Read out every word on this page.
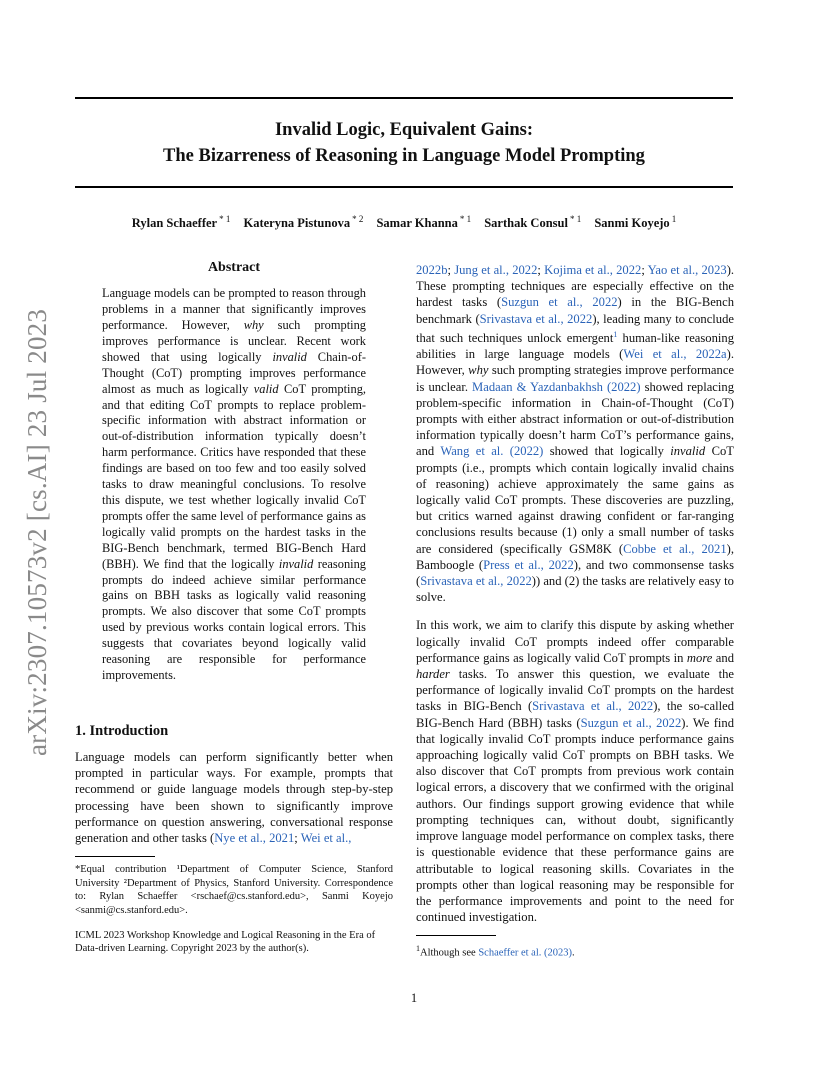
Invalid Logic, Equivalent Gains:
The Bizarreness of Reasoning in Language Model Prompting
Rylan Schaeffer $^{* 1}$ Kateryna Pistunova $^{* 2}$ Samar Khanna $^{* 1}$ Sarthak Consul $^{* 1}$ Sanmi Koyejo $^1$
arXiv:2307.10573v2 [cs.AI] 23 Jul 2023
Abstract

Language models can be prompted to reason through problems in a manner that significantly improves performance. However, why such prompting improves performance is unclear. Recent work showed that using logically invalid Chain-of-Thought (CoT) prompting improves performance almost as much as logically valid CoT prompting, and that editing CoT prompts to replace problem-specific information with abstract information or out-of-distribution information typically doesn’t harm performance. Critics have responded that these findings are based on too few and too easily solved tasks to draw meaningful conclusions. To resolve this dispute, we test whether logically invalid CoT prompts offer the same level of performance gains as logically valid prompts on the hardest tasks in the BIG-Bench benchmark, termed BIG-Bench Hard (BBH). We find that the logically invalid reasoning prompts do indeed achieve similar performance gains on BBH tasks as logically valid reasoning prompts. We also discover that some CoT prompts used by previous works contain logical errors. This suggests that covariates beyond logically valid reasoning are responsible for performance improvements.

1. Introduction

Language models can perform significantly better when prompted in particular ways. For example, prompts that recommend or guide language models through step-by-step processing have been shown to significantly improve performance on question answering, conversational response generation and other tasks (Nye et al., 2021; Wei et al.,

*Equal contribution ¹Department of Computer Science, Stanford University ²Department of Physics, Stanford University. Correspondence to: Rylan Schaeffer <rschaef@cs.stanford.edu>, Sanmi Koyejo <sanmi@cs.stanford.edu>.
ICML 2023 Workshop Knowledge and Logical Reasoning in the Era of Data-driven Learning. Copyright 2023 by the author(s).

2022b; Jung et al., 2022; Kojima et al., 2022; Yao et al., 2023). These prompting techniques are especially effective on the hardest tasks (Suzgun et al., 2022) in the BIG-Bench benchmark (Srivastava et al., 2022), leading many to conclude that such techniques unlock emergent$^1$ human-like reasoning abilities in large language models (Wei et al., 2022a). However, why such prompting strategies improve performance is unclear. Madaan & Yazdanbakhsh (2022) showed replacing problem-specific information in Chain-of-Thought (CoT) prompts with either abstract information or out-of-distribution information typically doesn’t harm CoT’s performance gains, and Wang et al. (2022) showed that logically invalid CoT prompts (i.e., prompts which contain logically invalid chains of reasoning) achieve approximately the same gains as logically valid CoT prompts. These discoveries are puzzling, but critics warned against drawing confident or far-ranging conclusions results because (1) only a small number of tasks are considered (specifically GSM8K (Cobbe et al., 2021), Bamboogle (Press et al., 2022), and two commonsense tasks (Srivastava et al., 2022)) and (2) the tasks are relatively easy to solve.

In this work, we aim to clarify this dispute by asking whether logically invalid CoT prompts indeed offer comparable performance gains as logically valid CoT prompts in more and harder tasks. To answer this question, we evaluate the performance of logically invalid CoT prompts on the hardest tasks in BIG-Bench (Srivastava et al., 2022), the so-called BIG-Bench Hard (BBH) tasks (Suzgun et al., 2022). We find that logically invalid CoT prompts induce performance gains approaching logically valid CoT prompts on BBH tasks. We also discover that CoT prompts from previous work contain logical errors, a discovery that we confirmed with the original authors. Our findings support growing evidence that while prompting techniques can, without doubt, significantly improve language model performance on complex tasks, there is questionable evidence that these performance gains are attributable to logical reasoning skills. Covariates in the prompts other than logical reasoning may be responsible for the performance improvements and point to the need for continued investigation.

$^1$Although see Schaeffer et al. (2023).
1
